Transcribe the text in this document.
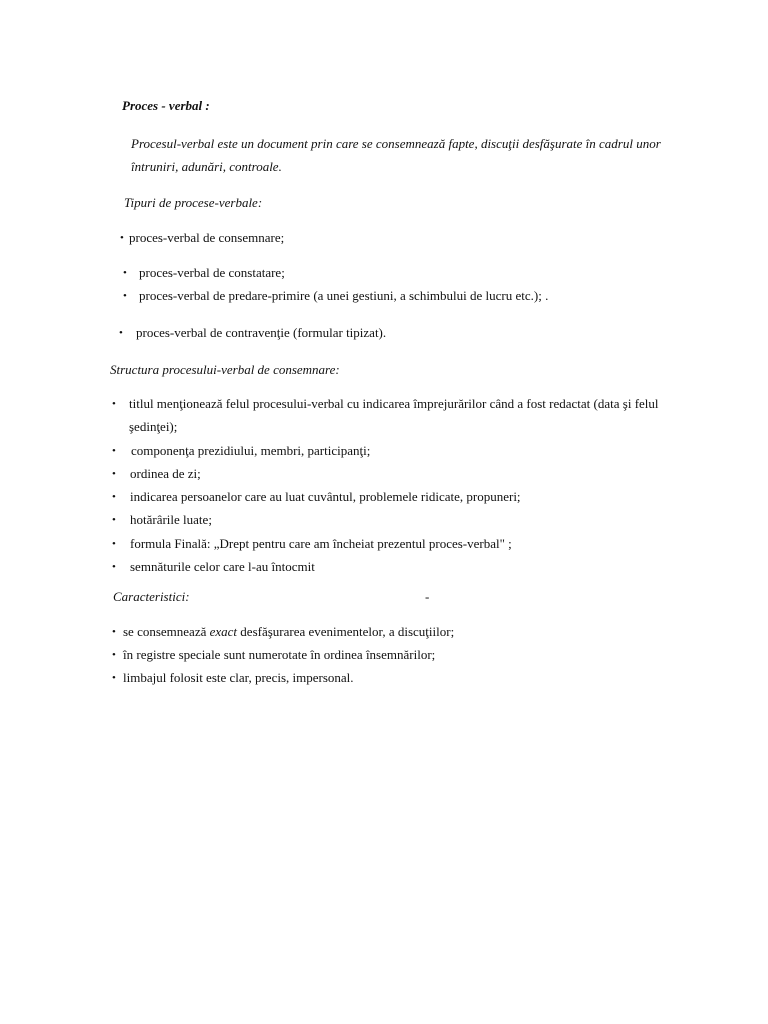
Proces - verbal :
Procesul-verbal este un document prin care se consemnează fapte, discuţii desfăşurate în cadrul unor
întruniri, adunări, controale.
Tipuri de procese-verbale:
• proces-verbal de consemnare;
• proces-verbal de constatare;
• proces-verbal de predare-primire (a unei gestiuni, a schimbului de lucru etc.); .
• proces-verbal de contravenţie (formular tipizat).
Structura procesului-verbal de consemnare:
• titlul menţionează felul procesului-verbal cu indicarea împrejurărilor când a fost redactat (data şi felul
şedinţei);
• componenţa prezidiului, membri, participanţi;
• ordinea de zi;
• indicarea persoanelor care au luat cuvântul, problemele ridicate, propuneri;
• hotărârile luate;
• formula Finală: „Drept pentru care am încheiat prezentul proces-verbal" ;
• semnăturile celor care l-au întocmit
Caracteristici:	-
• se consemnează exact desfăşurarea evenimentelor, a discuţiilor;
• în registre speciale sunt numerotate în ordinea însemnărilor;
• limbajul folosit este clar, precis, impersonal.
